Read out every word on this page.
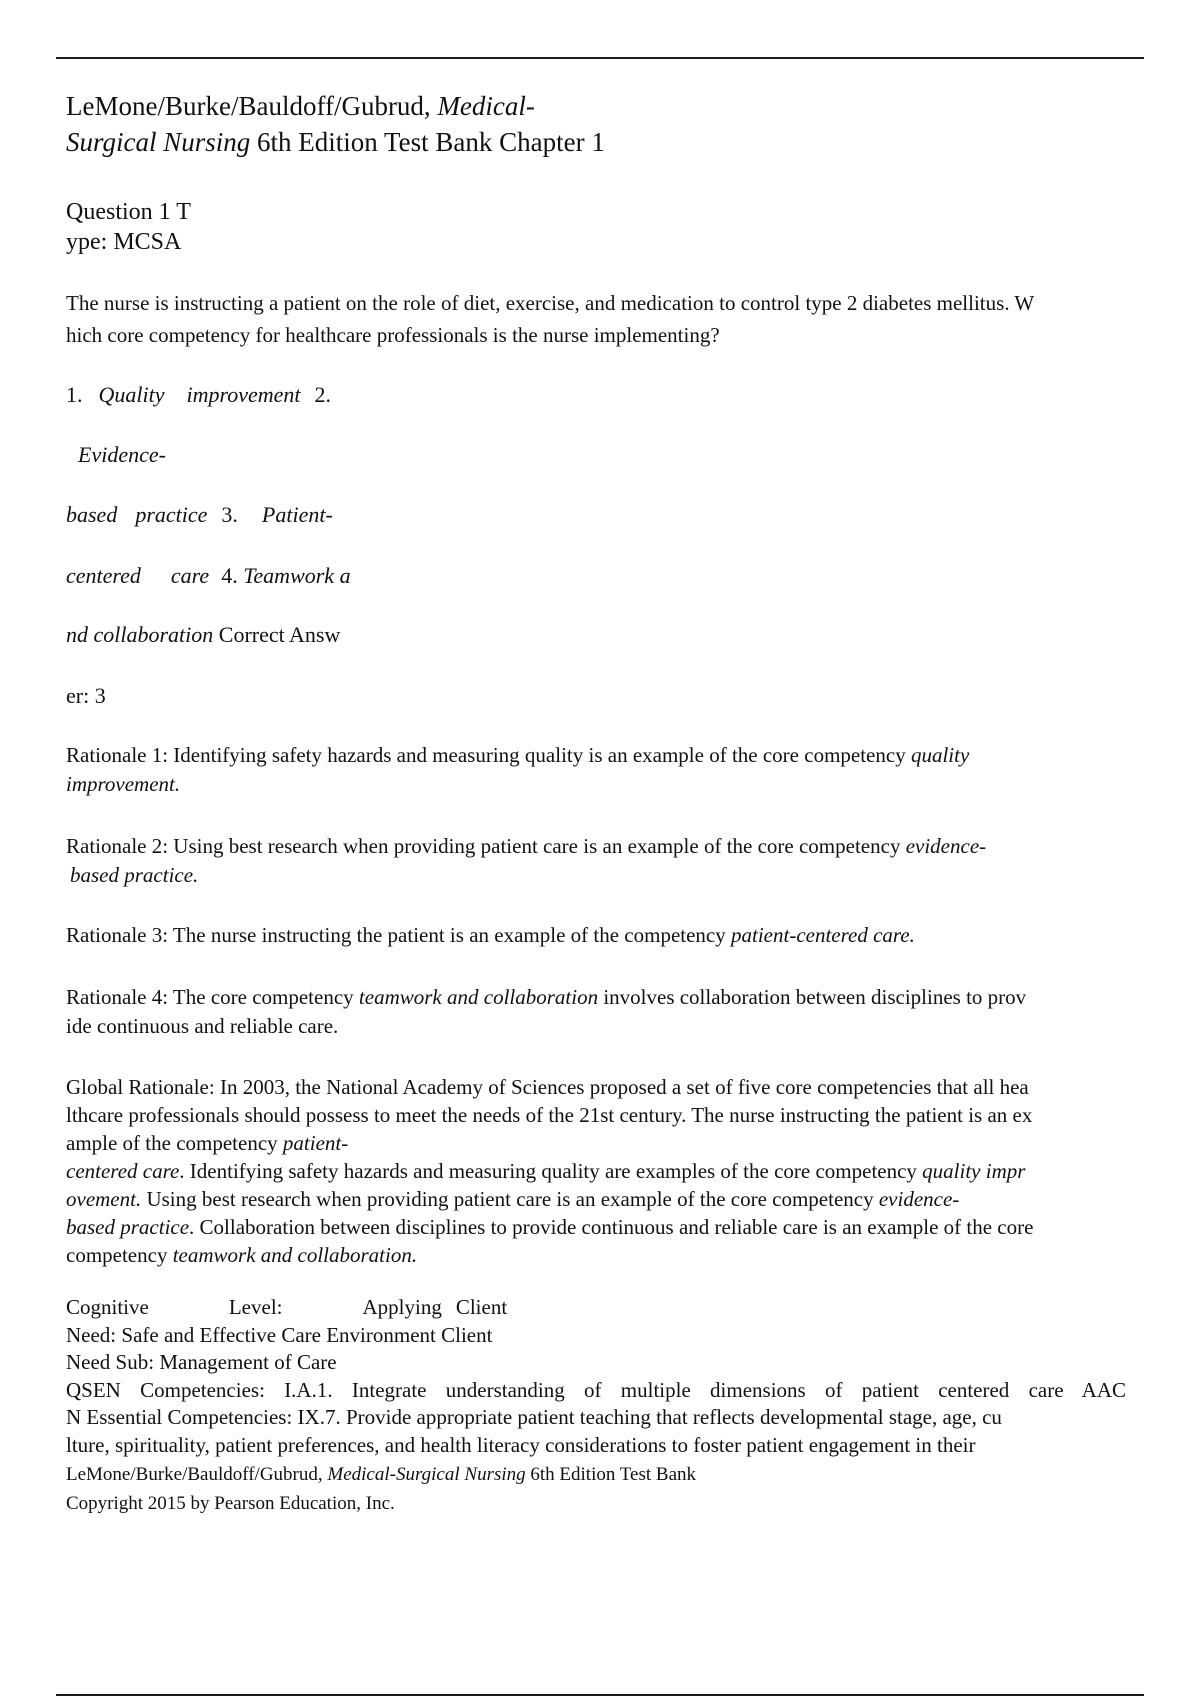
LeMone/Burke/Bauldoff/Gubrud, Medical-
Surgical Nursing 6th Edition Test Bank Chapter 1

Question 1 T
ype: MCSA

The nurse is instructing a patient on the role of diet, exercise, and medication to control type 2 diabetes mellitus. W
hich core competency for healthcare professionals is the nurse implementing?

1. Quality improvement 2.

Evidence-

based practice 3. Patient-

centered care 4. Teamwork a

nd collaboration Correct Answ

er: 3

Rationale 1: Identifying safety hazards and measuring quality is an example of the core competency quality
improvement.

Rationale 2: Using best research when providing patient care is an example of the core competency evidence-
based practice.

Rationale 3: The nurse instructing the patient is an example of the competency patient-centered care.

Rationale 4: The core competency teamwork and collaboration involves collaboration between disciplines to prov
ide continuous and reliable care.

Global Rationale: In 2003, the National Academy of Sciences proposed a set of five core competencies that all hea
lthcare professionals should possess to meet the needs of the 21st century. The nurse instructing the patient is an ex
ample of the competency patient-
centered care. Identifying safety hazards and measuring quality are examples of the core competency quality impr
ovement. Using best research when providing patient care is an example of the core competency evidence-
based practice. Collaboration between disciplines to provide continuous and reliable care is an example of the core
competency teamwork and collaboration.

Cognitive	Level:	Applying Client
Need: Safe and Effective Care Environment Client
Need Sub: Management of Care
QSEN Competencies: I.A.1. Integrate understanding of multiple dimensions of patient centered care AAC
N Essential Competencies: IX.7. Provide appropriate patient teaching that reflects developmental stage, age, cu
lture, spirituality, patient preferences, and health literacy considerations to foster patient engagement in their
LeMone/Burke/Bauldoff/Gubrud, Medical-Surgical Nursing 6th Edition Test Bank
Copyright 2015 by Pearson Education, Inc.
